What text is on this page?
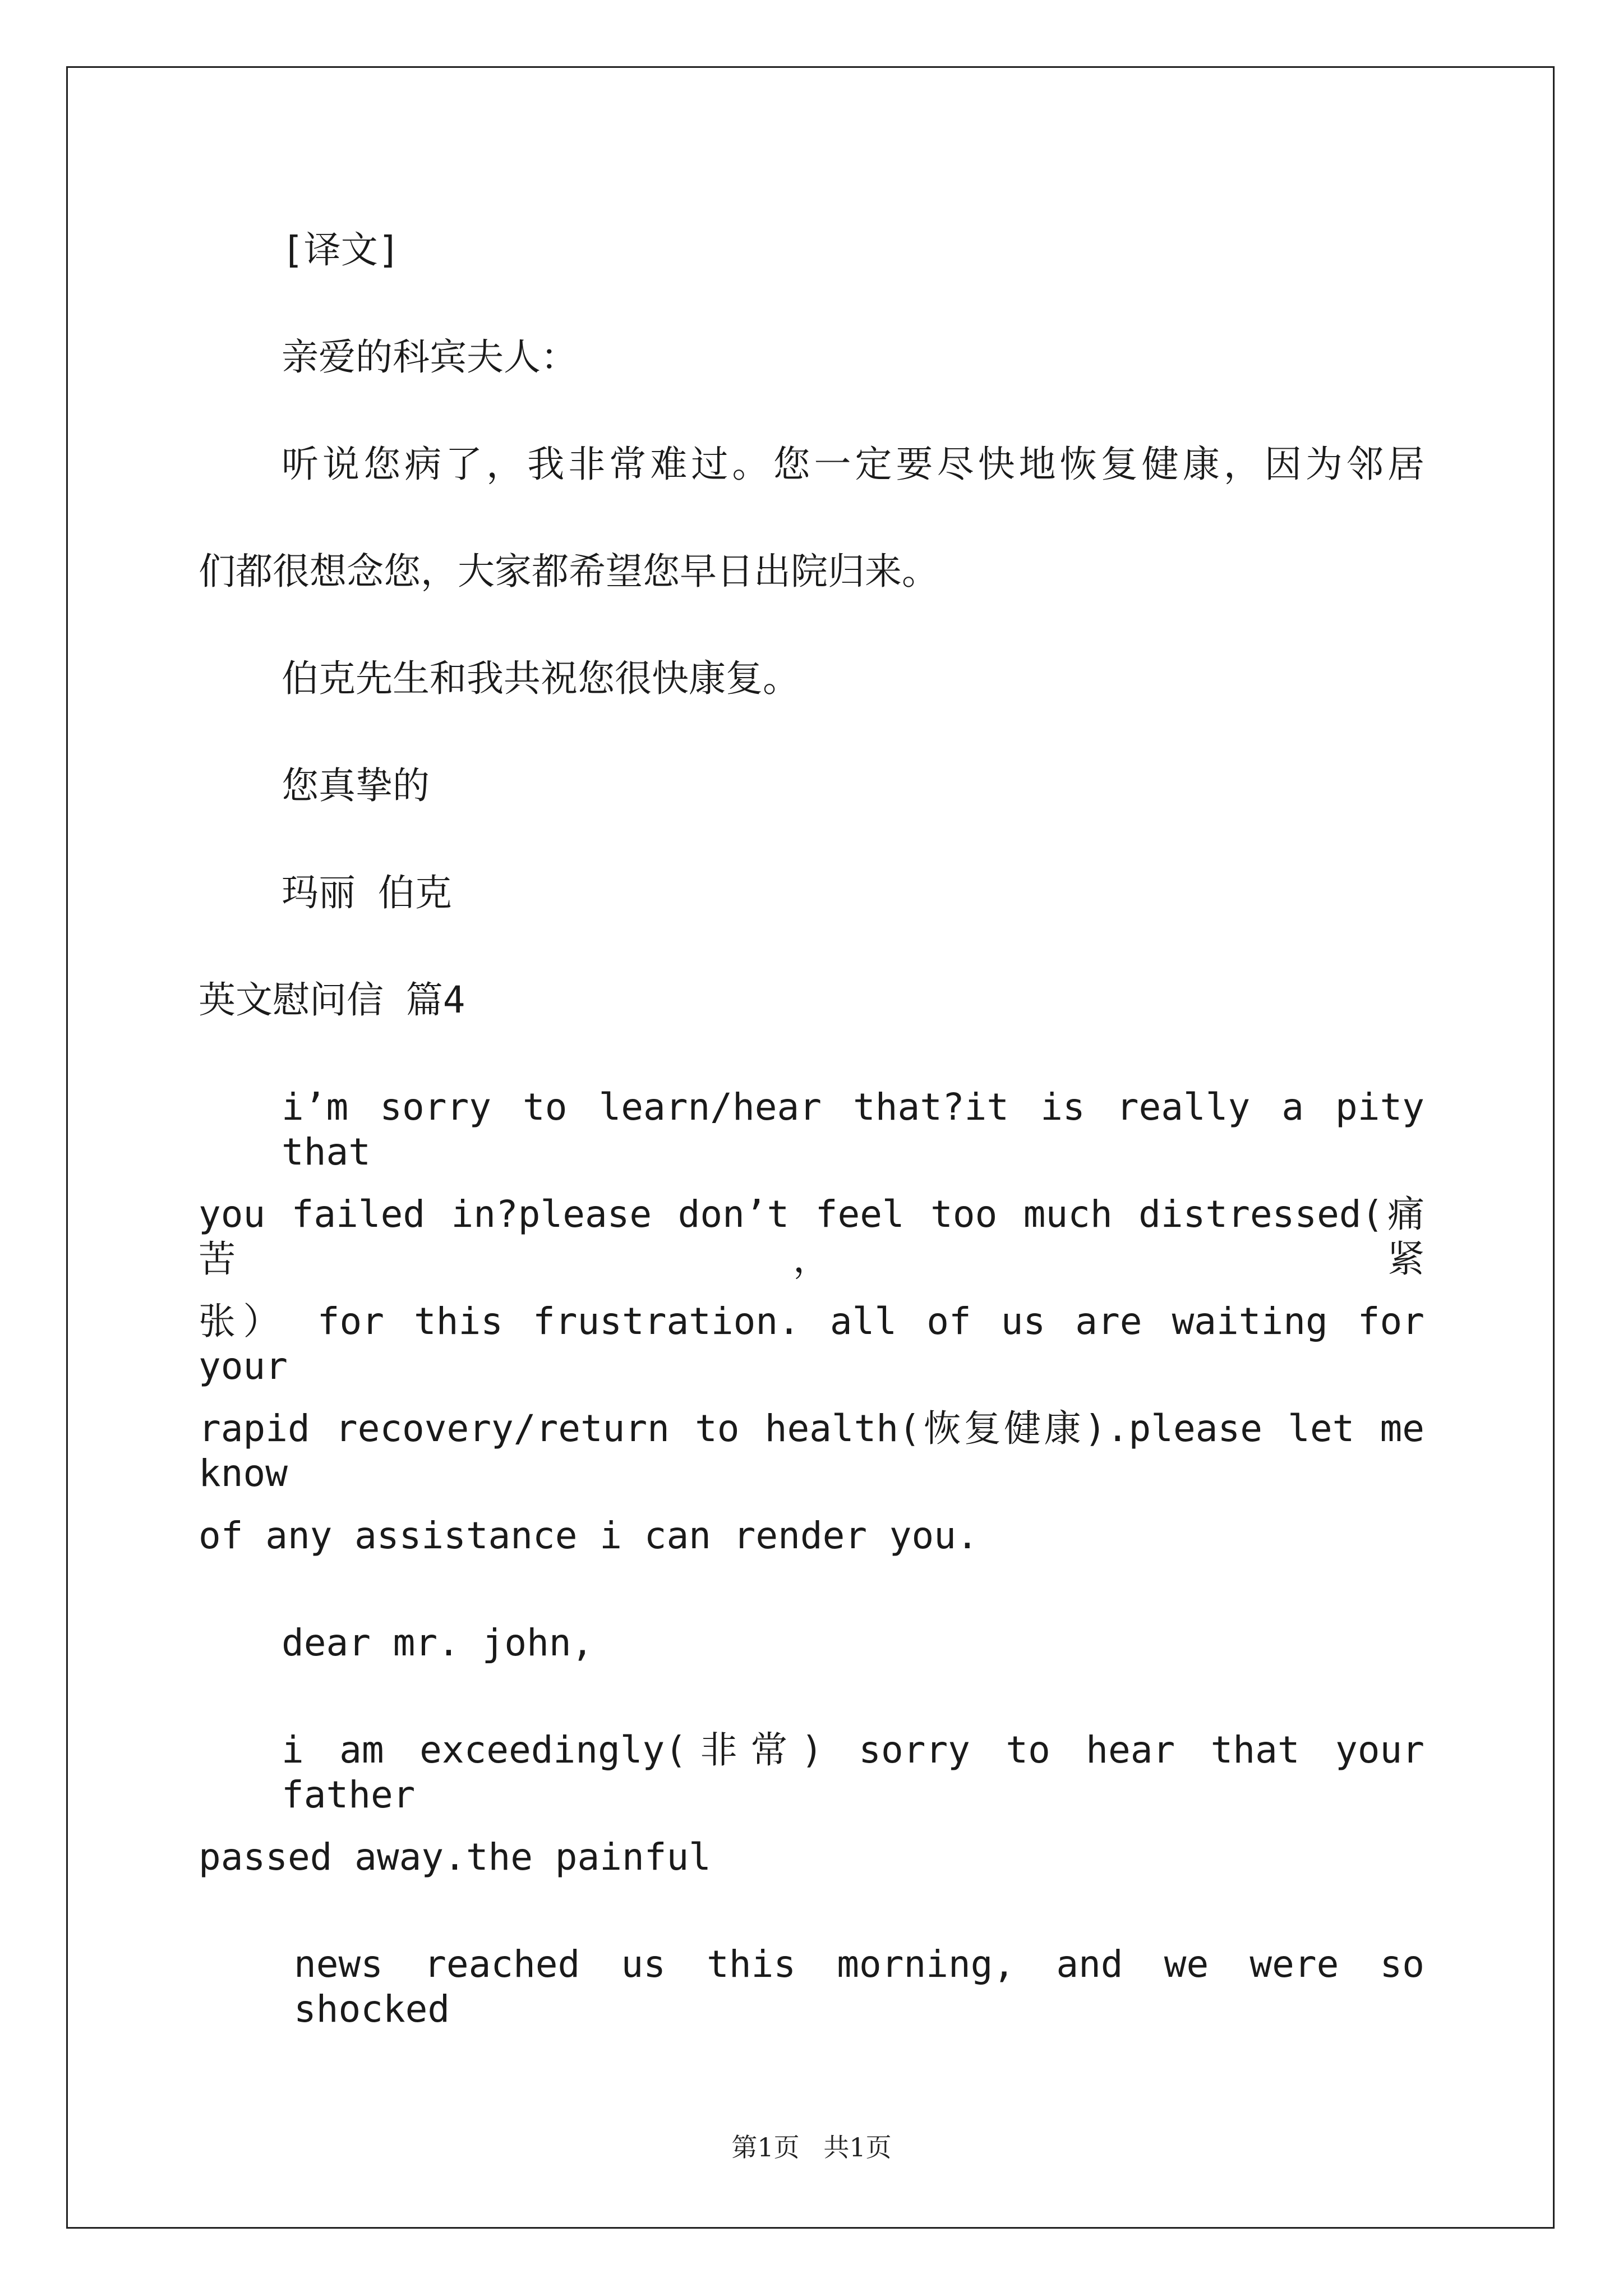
[译文]
亲爱的科宾夫人：
听说您病了，我非常难过。您一定要尽快地恢复健康，因为邻居
们都很想念您，大家都希望您早日出院归来。
伯克先生和我共祝您很快康复。
您真挚的
玛丽 伯克
英文慰问信 篇4
i’m sorry to learn/hear that?it is really a pity that
you failed in?please don’t feel too much distressed(痛苦，紧
张） for this frustration. all of us are waiting for your
rapid recovery/return to health(恢复健康).please let me know
of any assistance i can render you.
dear mr. john,
i am exceedingly(非常) sorry to hear that your father
passed away.the painful
news reached us this morning, and we were so shocked
第1页 共1页
